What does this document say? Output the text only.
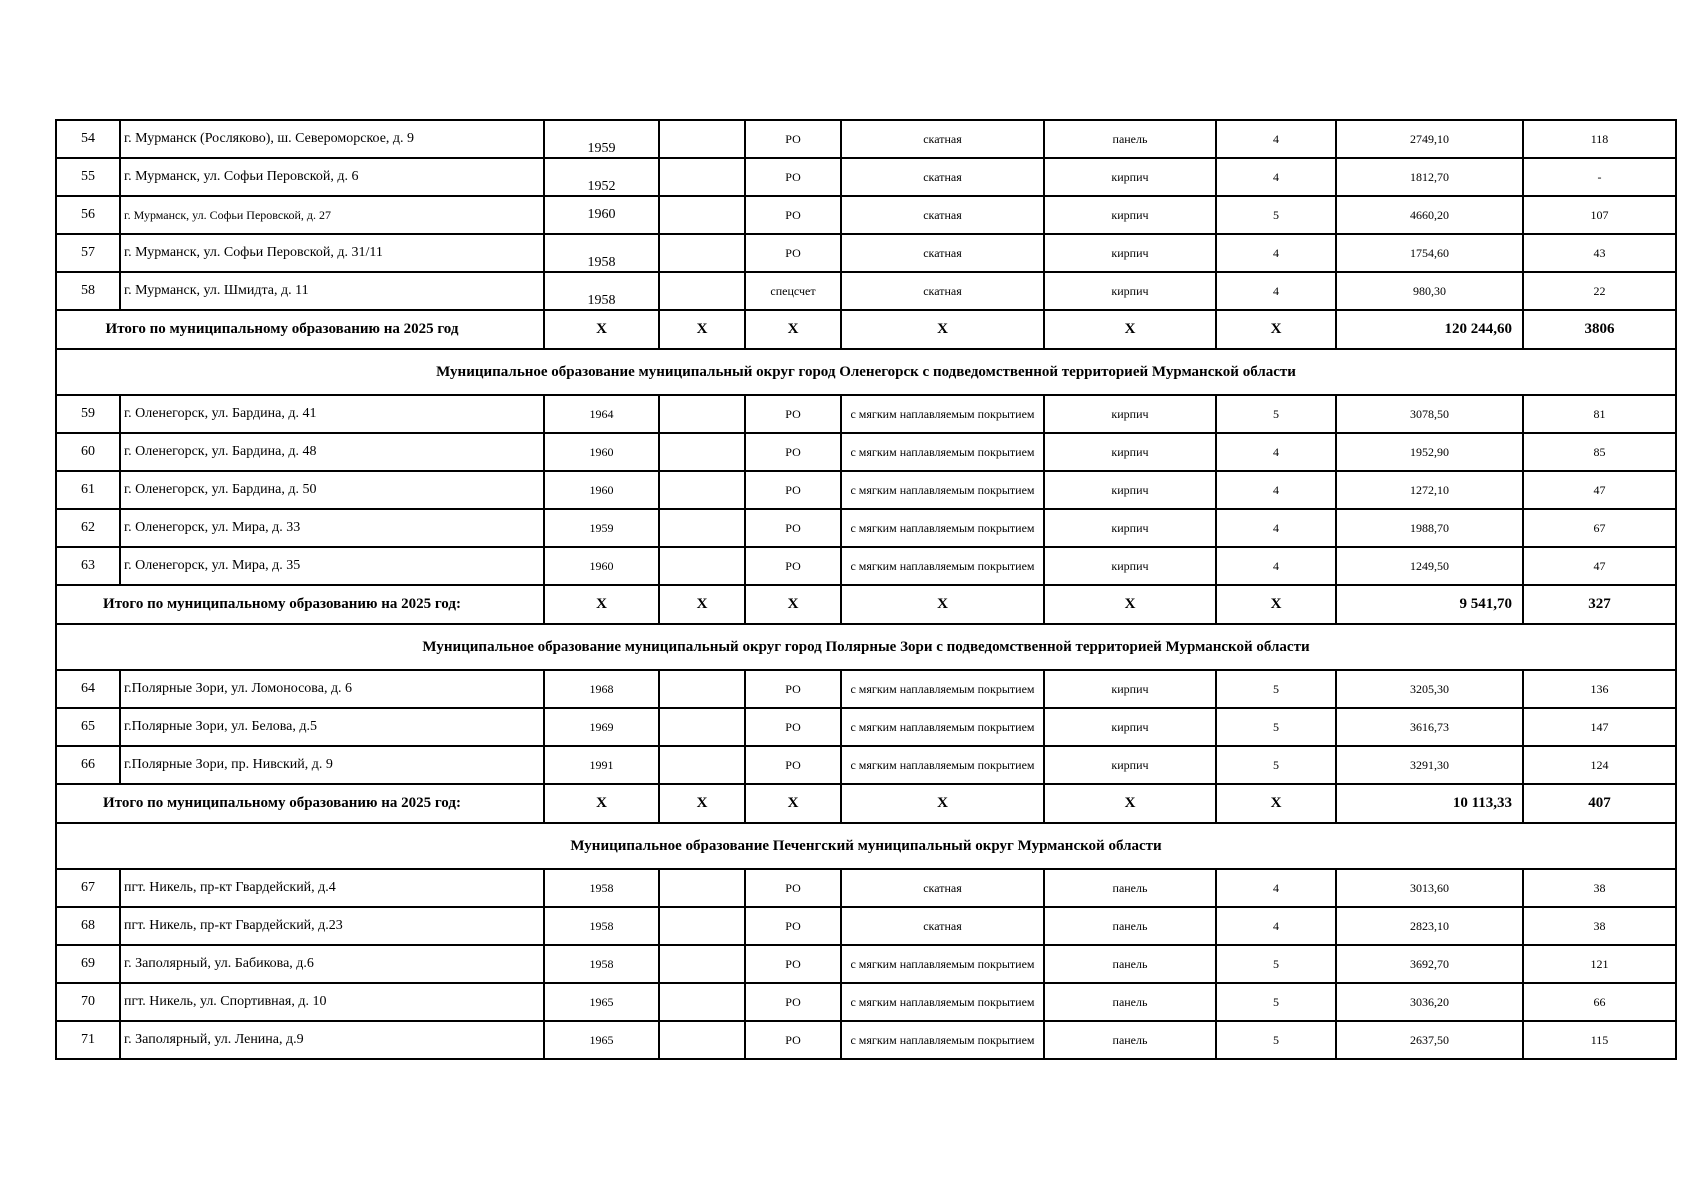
54	г. Мурманск (Росляково), ш. Североморское, д. 9	1959		РО	скатная	панель	4	2749,10	118
55	г. Мурманск, ул. Софьи Перовской, д. 6	1952		РО	скатная	кирпич	4	1812,70	-
56	г. Мурманск, ул. Софьи Перовской, д. 27	1960		РО	скатная	кирпич	5	4660,20	107
57	г. Мурманск, ул. Софьи Перовской, д. 31/11	1958		РО	скатная	кирпич	4	1754,60	43
58	г. Мурманск, ул. Шмидта, д. 11	1958		спецсчет	скатная	кирпич	4	980,30	22
Итого по муниципальному образованию на 2025 год		X	X	X	X	X	X	120 244,60	3806
Муниципальное образование муниципальный округ город Оленегорск с подведомственной территорией Мурманской области									
59	г. Оленегорск, ул. Бардина, д. 41	1964		РО	с мягким наплавляемым покрытием	кирпич	5	3078,50	81
60	г. Оленегорск, ул. Бардина, д. 48	1960		РО	с мягким наплавляемым покрытием	кирпич	4	1952,90	85
61	г. Оленегорск, ул. Бардина, д. 50	1960		РО	с мягким наплавляемым покрытием	кирпич	4	1272,10	47
62	г. Оленегорск, ул. Мира, д. 33	1959		РО	с мягким наплавляемым покрытием	кирпич	4	1988,70	67
63	г. Оленегорск, ул. Мира, д. 35	1960		РО	с мягким наплавляемым покрытием	кирпич	4	1249,50	47
Итого по муниципальному образованию на 2025 год:		X	X	X	X	X	X	9 541,70	327
Муниципальное образование муниципальный округ город Полярные Зори с подведомственной территорией Мурманской области									
64	г.Полярные Зори, ул. Ломоносова, д. 6	1968		РО	с мягким наплавляемым покрытием	кирпич	5	3205,30	136
65	г.Полярные Зори, ул. Белова, д.5	1969		РО	с мягким наплавляемым покрытием	кирпич	5	3616,73	147
66	г.Полярные Зори, пр. Нивский, д. 9	1991		РО	с мягким наплавляемым покрытием	кирпич	5	3291,30	124
Итого по муниципальному образованию на 2025 год:		X	X	X	X	X	X	10 113,33	407
Муниципальное образование Печенгский муниципальный округ Мурманской области									
67	пгт. Никель, пр-кт Гвардейский, д.4	1958		РО	скатная	панель	4	3013,60	38
68	пгт. Никель, пр-кт Гвардейский, д.23	1958		РО	скатная	панель	4	2823,10	38
69	г. Заполярный, ул. Бабикова, д.6	1958		РО	с мягким наплавляемым покрытием	панель	5	3692,70	121
70	пгт. Никель, ул. Спортивная, д. 10	1965		РО	с мягким наплавляемым покрытием	панель	5	3036,20	66
71	г. Заполярный, ул. Ленина, д.9	1965		РО	с мягким наплавляемым покрытием	панель	5	2637,50	115
